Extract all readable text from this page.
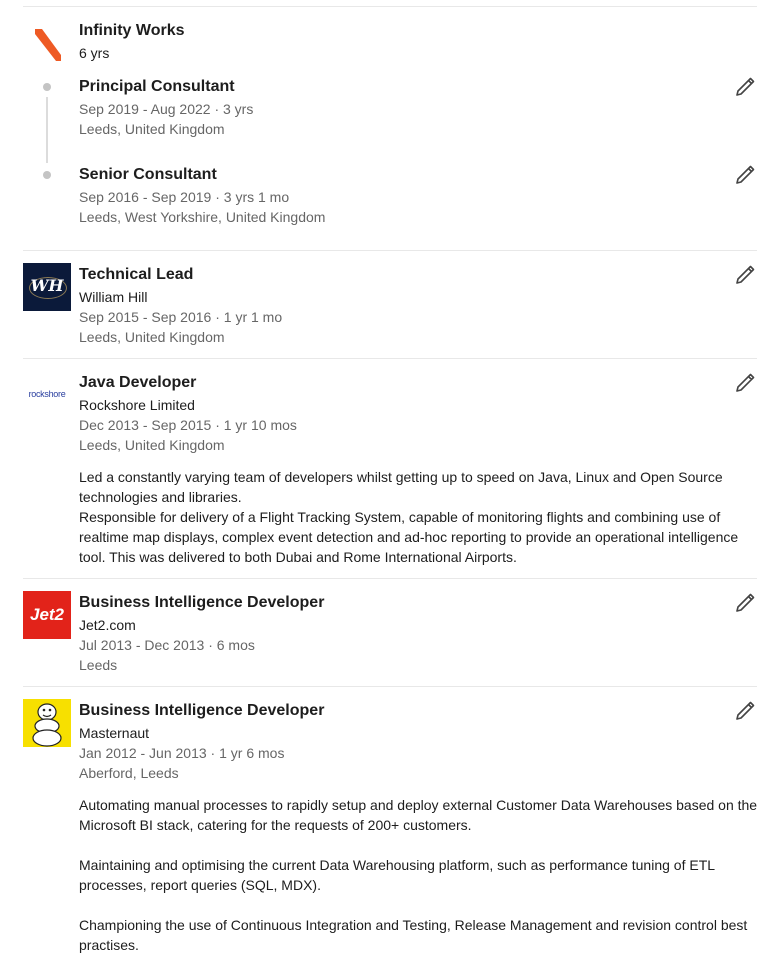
Infinity Works
6 yrs
Principal Consultant
Sep 2019 - Aug 2022 · 3 yrs
Leeds, United Kingdom
Senior Consultant
Sep 2016 - Sep 2019 · 3 yrs 1 mo
Leeds, West Yorkshire, United Kingdom
WH
Technical Lead
William Hill
Sep 2015 - Sep 2016 · 1 yr 1 mo
Leeds, United Kingdom
rockshore
Java Developer
Rockshore Limited
Dec 2013 - Sep 2015 · 1 yr 10 mos
Leeds, United Kingdom

Led a constantly varying team of developers whilst getting up to speed on Java, Linux and Open Source technologies and libraries.

Responsible for delivery of a Flight Tracking System, capable of monitoring flights and combining use of realtime map displays, complex event detection and ad-hoc reporting to provide an operational intelligence tool. This was delivered to both Dubai and Rome International Airports.

Jet2
Business Intelligence Developer
Jet2.com
Jul 2013 - Dec 2013 · 6 mos
Leeds
Business Intelligence Developer
Masternaut
Jan 2012 - Jun 2013 · 1 yr 6 mos
Aberford, Leeds

Automating manual processes to rapidly setup and deploy external Customer Data Warehouses based on the Microsoft BI stack, catering for the requests of 200+ customers.

Maintaining and optimising the current Data Warehousing platform, such as performance tuning of ETL processes, report queries (SQL, MDX).

Championing the use of Continuous Integration and Testing, Release Management and revision control best practises.
